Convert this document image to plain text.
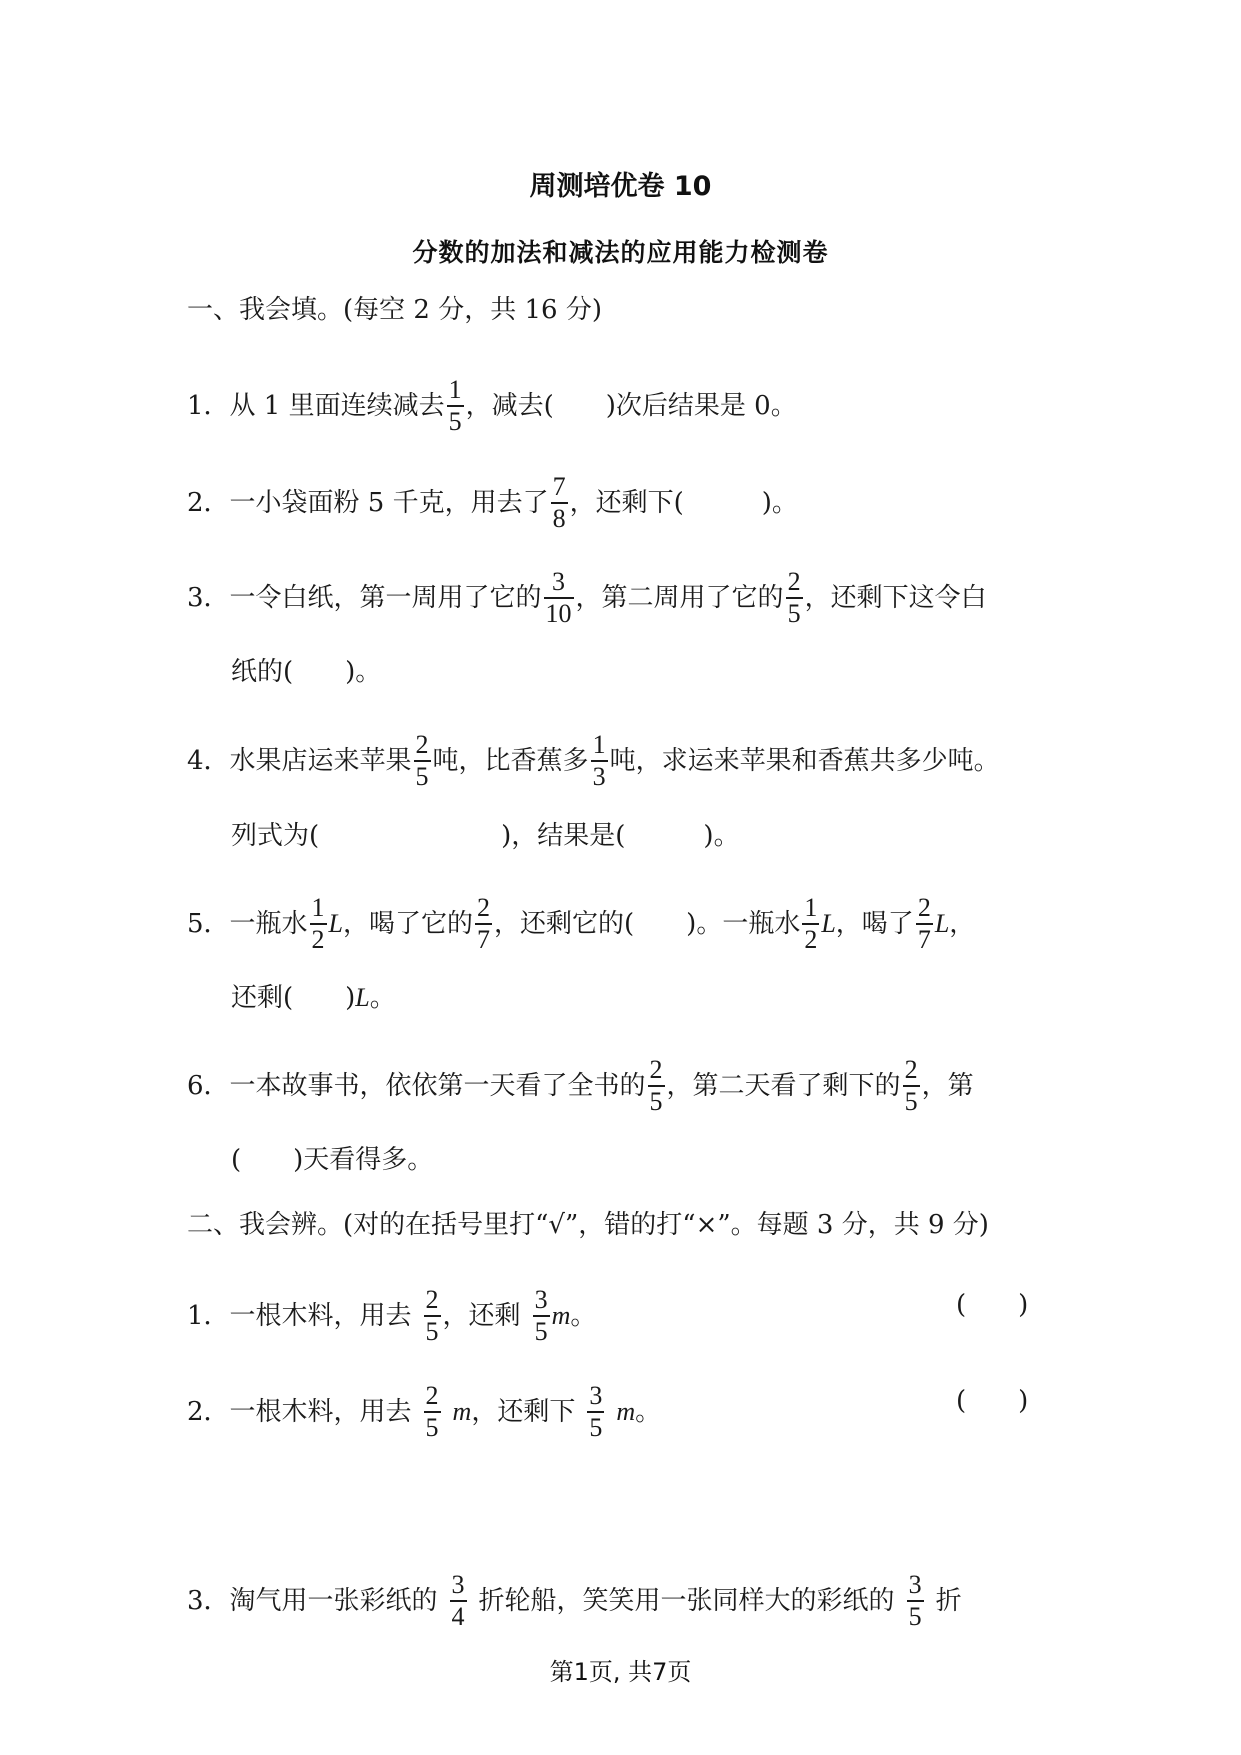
周测培优卷 10
分数的加法和减法的应用能力检测卷
一、我会填。(每空 2 分，共 16 分)
1．从 1 里面连续减去 $\frac{1}{5}$ ，减去(　　)次后结果是 0。
2．一小袋面粉 5 千克，用去了 $\frac{7}{8}$ ，还剩下(　　　)。
3．一令白纸，第一周用了它的 $\frac{3}{10}$ ，第二周用了它的 $\frac{2}{5}$ ，还剩下这令白
纸的(　　)。
4．水果店运来苹果 $\frac{2}{5}$ 吨，比香蕉多 $\frac{1}{3}$ 吨，求运来苹果和香蕉共多少吨。
列式为(　　　　　　　)，结果是(　　　)。
5．一瓶水 $\frac{1}{2}$ L ，喝了它的 $\frac{2}{7}$ ，还剩它的(　　)。一瓶水 $\frac{1}{2}$ L ，喝了 $\frac{2}{7}$ L ，
还剩(　　) L 。
6．一本故事书，依依第一天看了全书的 $\frac{2}{5}$ ，第二天看了剩下的 $\frac{2}{5}$ ，第
(　　)天看得多。
二、我会辨。(对的在括号里打“√”，错的打“×”。每题 3 分，共 9 分)
1．一根木料，用去 $\frac{2}{5}$ ，还剩 $\frac{3}{5}$ m 。	(　　)
2．一根木料，用去 $\frac{2}{5}$ m ，还剩下 $\frac{3}{5}$ m 。	(　　)
3．淘气用一张彩纸的 $\frac{3}{4}$ 折轮船，笑笑用一张同样大的彩纸的 $\frac{3}{5}$ 折
第1页, 共7页
